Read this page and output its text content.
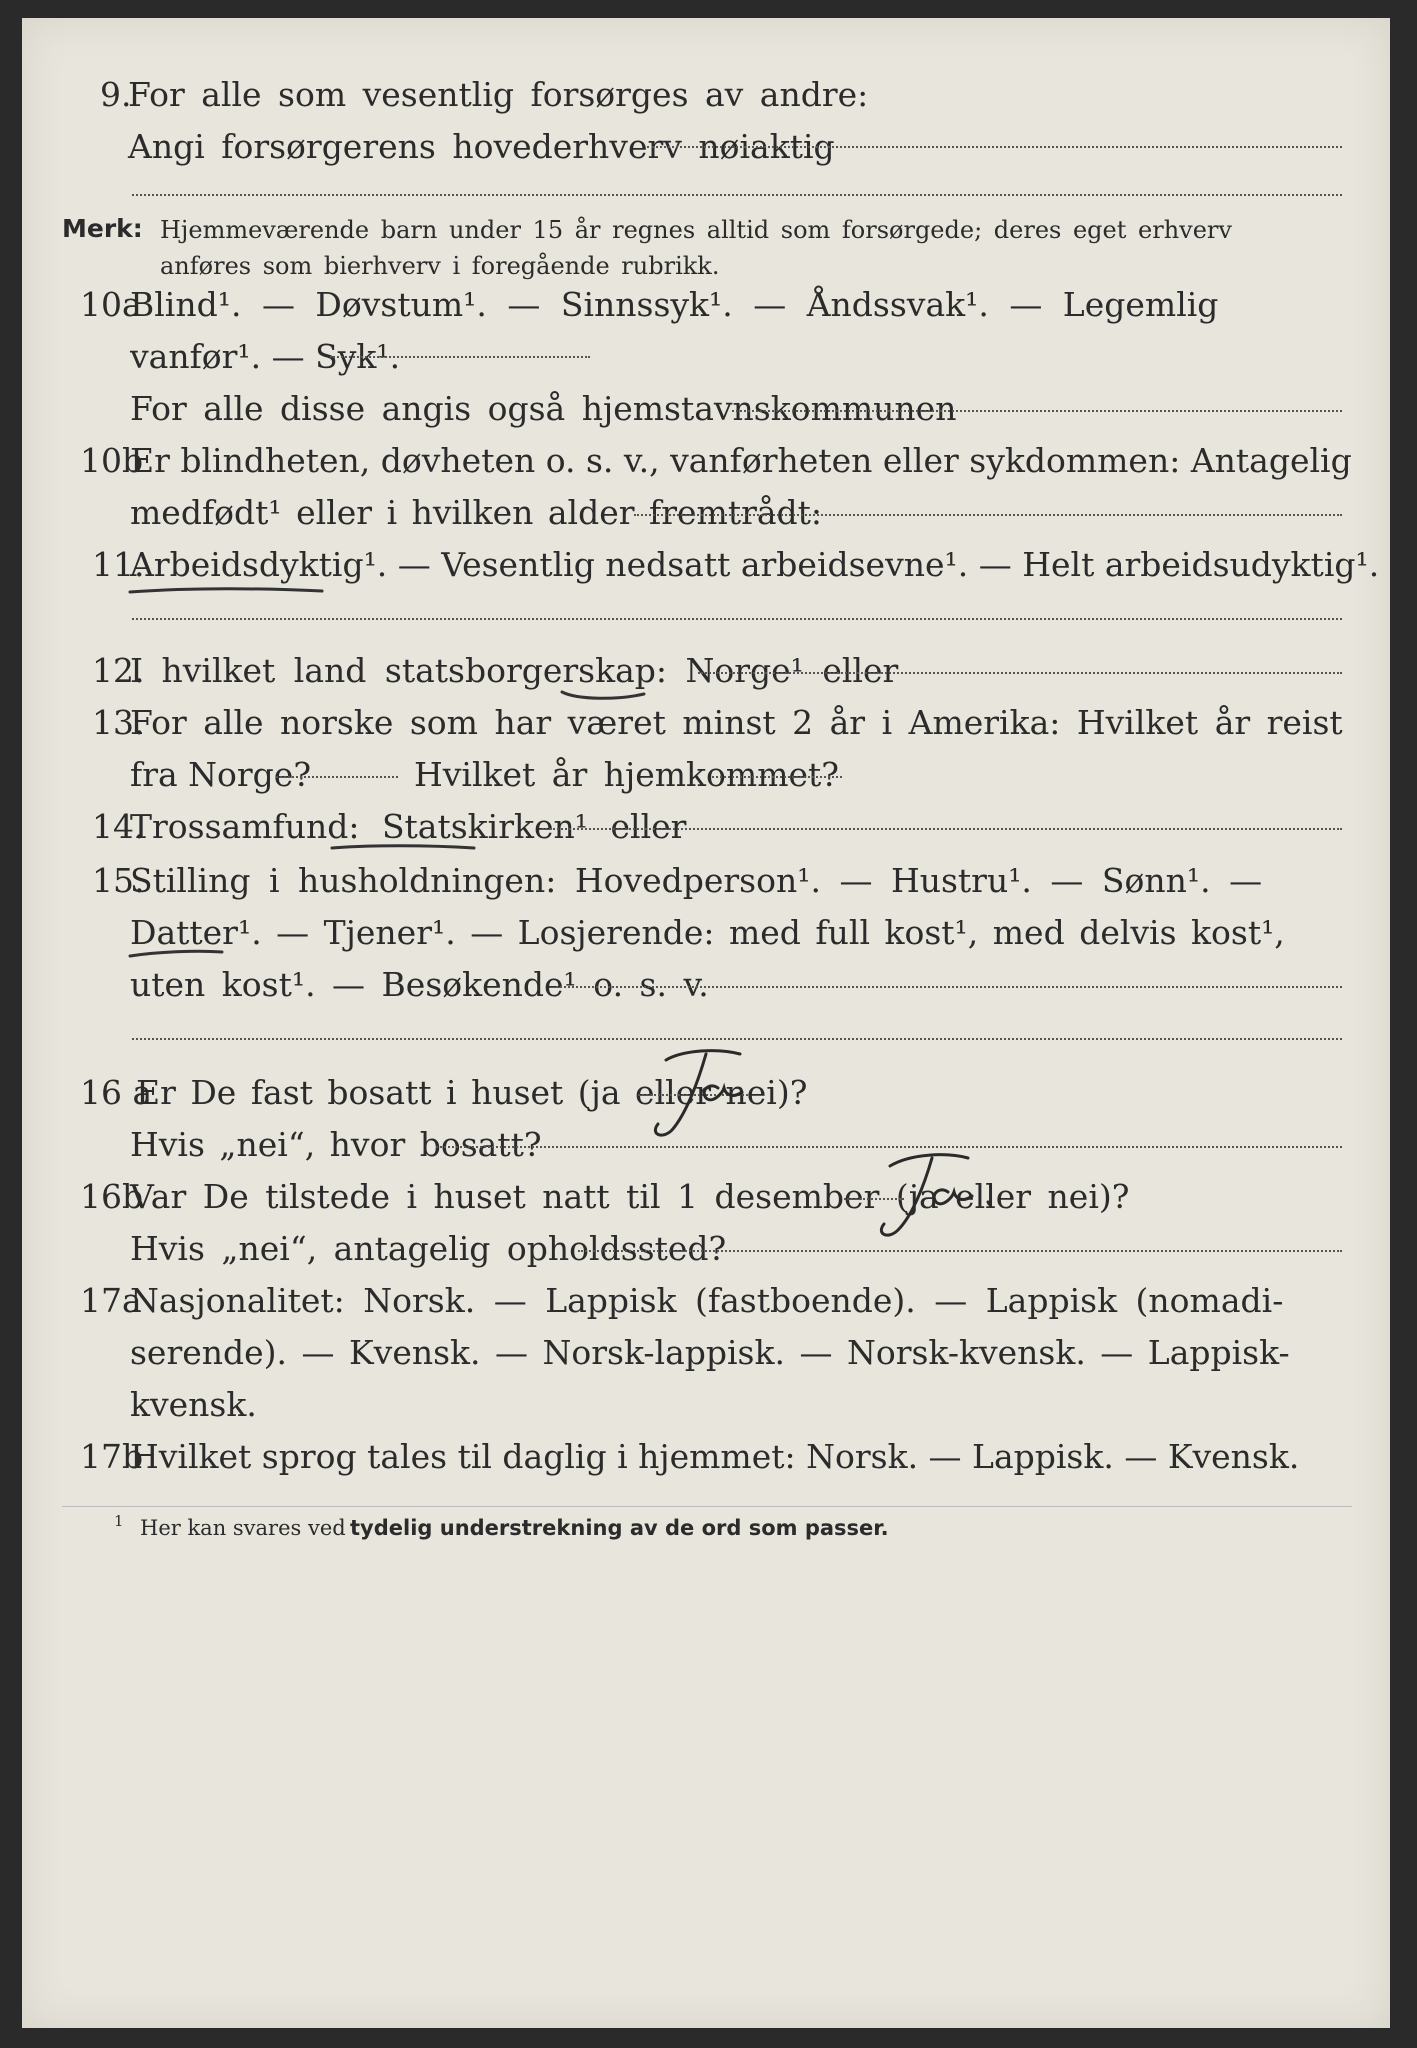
9.
For alle som vesentlig forsørges av andre:
Angi forsørgerens hovederhverv nøiaktig
Merk: Hjemmeværende barn under 15 år regnes alltid som forsørgede; deres eget erhverv
anføres som bierhverv i foregående rubrikk.
10a
Blind¹. — Døvstum¹. — Sinnssyk¹. — Åndssvak¹. — Legemlig
vanfør¹. — Syk¹.
For alle disse angis også hjemstavnskommunen
10b
Er blindheten, døvheten o. s. v., vanførheten eller sykdommen: Antagelig
medfødt¹ eller i hvilken alder fremtrådt:
11.
Arbeidsdyktig¹. — Vesentlig nedsatt arbeidsevne¹. — Helt arbeidsudyktig¹.
12.
I hvilket land statsborgerskap: Norge¹ eller
13.
For alle norske som har været minst 2 år i Amerika: Hvilket år reist
fra Norge?	Hvilket år hjemkommet?
14.
Trossamfund: Statskirken¹ eller
15.
Stilling i husholdningen: Hovedperson¹. — Hustru¹. — Sønn¹. —
Datter¹. — Tjener¹. — Losjerende: med full kost¹, med delvis kost¹,
uten kost¹. — Besøkende¹ o. s. v.
16 a
Er De fast bosatt i huset (ja eller nei)?
Hvis „nei“, hvor bosatt?
16b
Var De tilstede i huset natt til 1 desember (ja eller nei)?
Hvis „nei“, antagelig opholdssted?
17a
Nasjonalitet: Norsk. — Lappisk (fastboende). — Lappisk (nomadi-
serende). — Kvensk. — Norsk-lappisk. — Norsk-kvensk. — Lappisk-
kvensk.
17b
Hvilket sprog tales til daglig i hjemmet: Norsk. — Lappisk. — Kvensk.
1 Her kan svares ved tydelig understrekning av de ord som passer.
